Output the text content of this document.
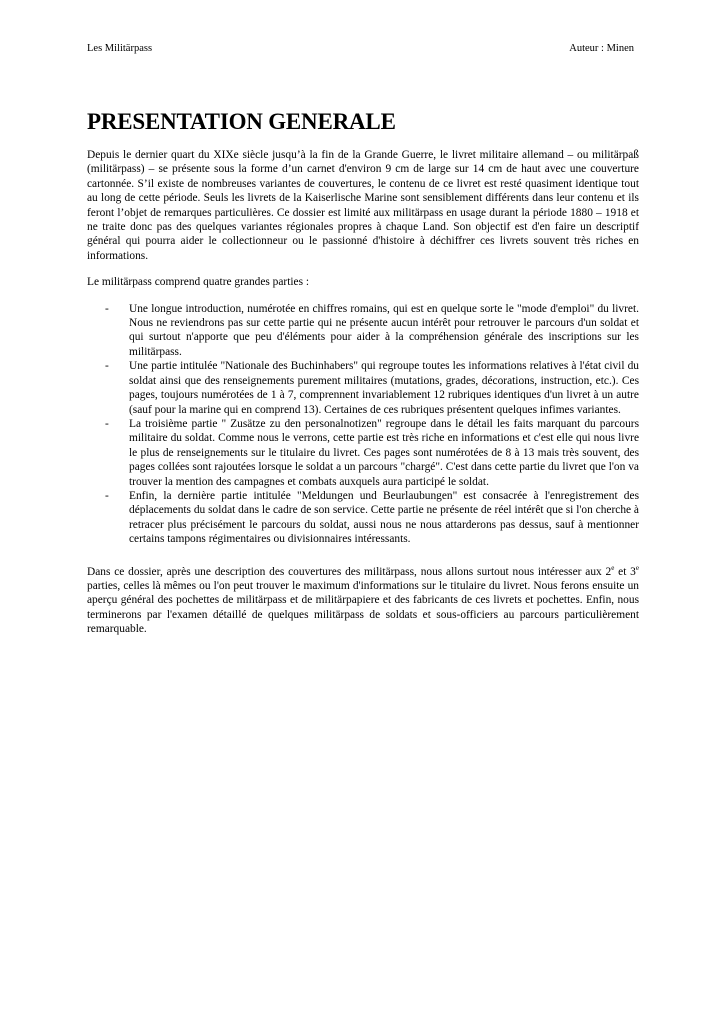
Les Militärpass	Auteur : Minen
PRESENTATION GENERALE

Depuis le dernier quart du XIXe siècle jusqu’à la fin de la Grande Guerre, le livret militaire allemand – ou militärpaß (militärpass) – se présente sous la forme d’un carnet d'environ 9 cm de large sur 14 cm de haut avec une couverture cartonnée. S’il existe de nombreuses variantes de couvertures, le contenu de ce livret est resté quasiment identique tout au long de cette période. Seuls les livrets de la Kaiserlische Marine sont sensiblement différents dans leur contenu et ils feront l’objet de remarques particulières. Ce dossier est limité aux militärpass en usage durant la période 1880 – 1918 et ne traite donc pas des quelques variantes régionales propres à chaque Land. Son objectif est d'en faire un descriptif général qui pourra aider le collectionneur ou le passionné d'histoire à déchiffrer ces livrets souvent très riches en informations.

Le militärpass comprend quatre grandes parties :

- Une longue introduction, numérotée en chiffres romains, qui est en quelque sorte le "mode d'emploi" du livret. Nous ne reviendrons pas sur cette partie qui ne présente aucun intérêt pour retrouver le parcours d'un soldat et qui surtout n'apporte que peu d'éléments pour aider à la compréhension générale des inscriptions sur les militärpass.
- Une partie intitulée "Nationale des Buchinhabers" qui regroupe toutes les informations relatives à l'état civil du soldat ainsi que des renseignements purement militaires (mutations, grades, décorations, instruction, etc.). Ces pages, toujours numérotées de 1 à 7, comprennent invariablement 12 rubriques identiques d'un livret à un autre (sauf pour la marine qui en comprend 13). Certaines de ces rubriques présentent quelques infimes variantes.
- La troisième partie " Zusätze zu den personalnotizen" regroupe dans le détail les faits marquant du parcours militaire du soldat. Comme nous le verrons, cette partie est très riche en informations et c'est elle qui nous livre le plus de renseignements sur le titulaire du livret. Ces pages sont numérotées de 8 à 13 mais très souvent, des pages collées sont rajoutées lorsque le soldat a un parcours "chargé". C'est dans cette partie du livret que l'on va trouver la mention des campagnes et combats auxquels aura participé le soldat.
- Enfin, la dernière partie intitulée "Meldungen und Beurlaubungen" est consacrée à l'enregistrement des déplacements du soldat dans le cadre de son service. Cette partie ne présente de réel intérêt que si l'on cherche à retracer plus précisément le parcours du soldat, aussi nous ne nous attarderons pas dessus, sauf à mentionner certains tampons régimentaires ou divisionnaires intéressants.

Dans ce dossier, après une description des couvertures des militärpass, nous allons surtout nous intéresser aux 2e et 3e parties, celles là mêmes ou l'on peut trouver le maximum d'informations sur le titulaire du livret. Nous ferons ensuite un aperçu général des pochettes de militärpass et de militärpapiere et des fabricants de ces livrets et pochettes. Enfin, nous terminerons par l'examen détaillé de quelques militärpass de soldats et sous-officiers au parcours particulièrement remarquable.
